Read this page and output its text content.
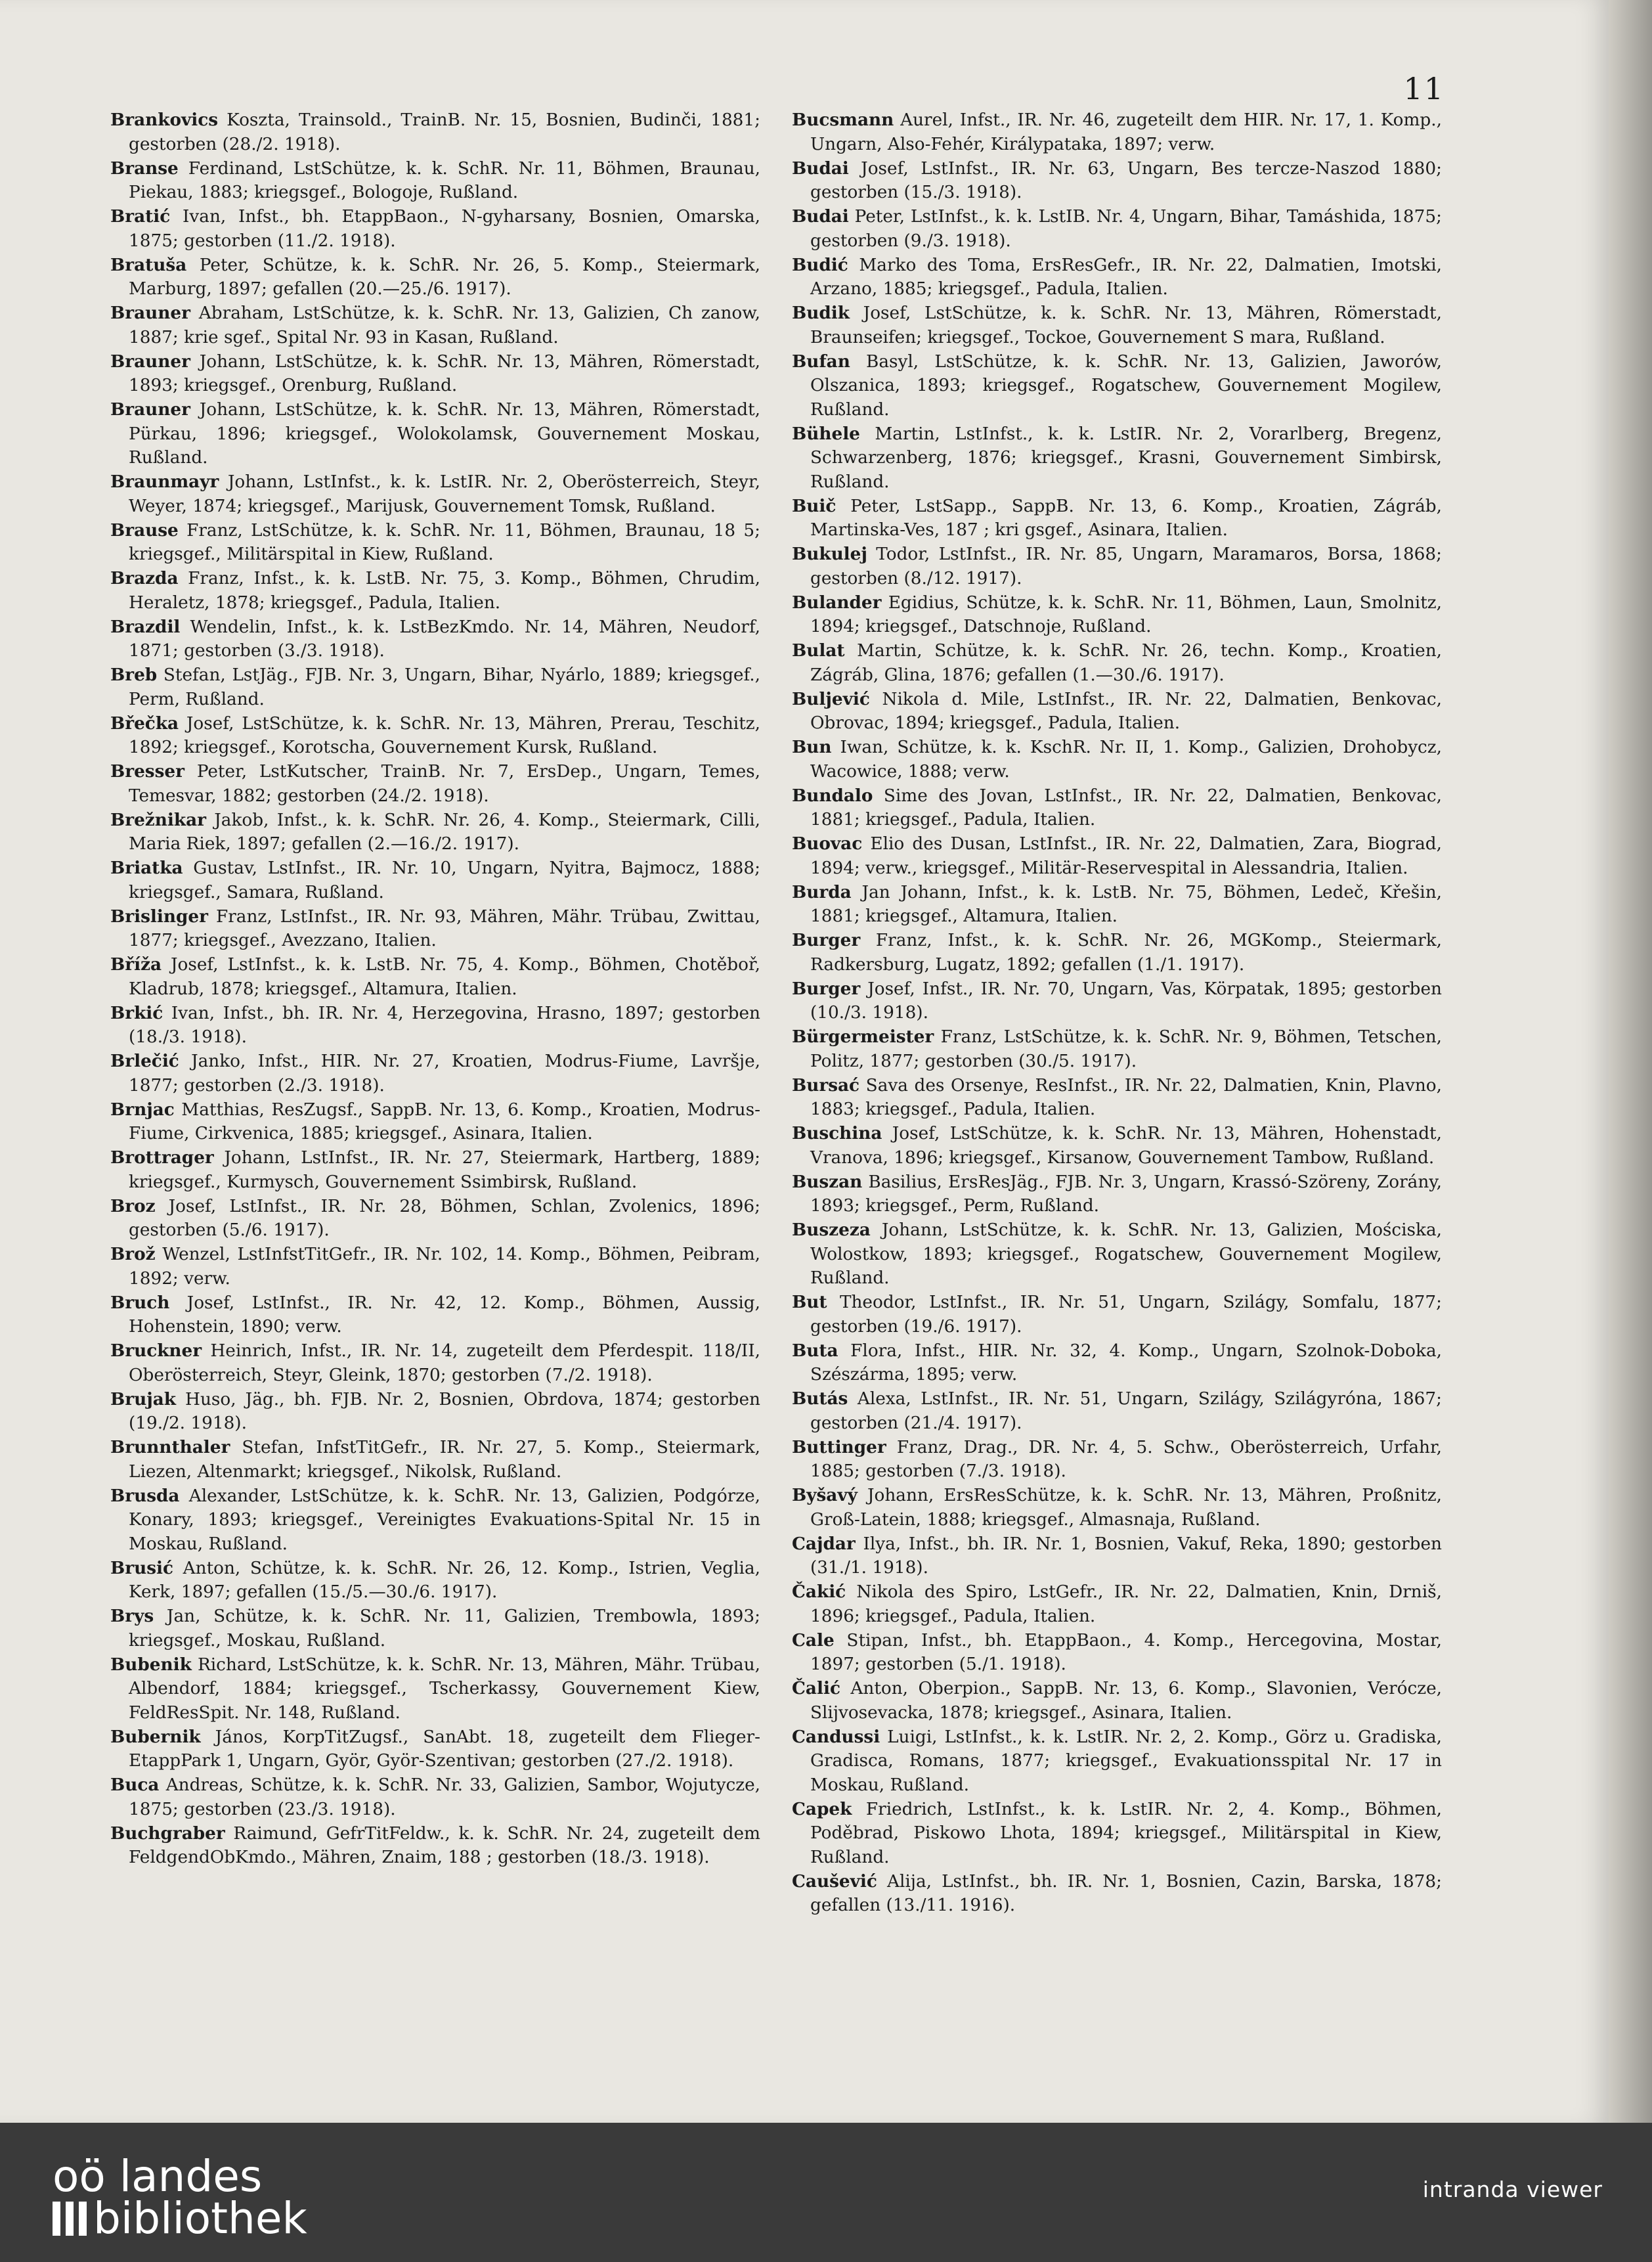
11

Brankovics Koszta, Trainsold., TrainB. Nr. 15, Bosnien, Budinči, 1881; gestorben (28./2. 1918).

Branse Ferdinand, LstSchütze, k. k. SchR. Nr. 11, Böhmen, Braunau, Piekau, 1883; kriegsgef., Bologoje, Rußland.

Bratić Ivan, Infst., bh. EtappBaon., N-gyharsany, Bosnien, Omarska, 1875; gestorben (11./2. 1918).

Bratuša Peter, Schütze, k. k. SchR. Nr. 26, 5. Komp., Steiermark, Marburg, 1897; gefallen (20.—25./6. 1917).

Brauner Abraham, LstSchütze, k. k. SchR. Nr. 13, Galizien, Ch zanow, 1887; krie sgef., Spital Nr. 93 in Kasan, Rußland.

Brauner Johann, LstSchütze, k. k. SchR. Nr. 13, Mähren, Römerstadt, 1893; kriegsgef., Orenburg, Rußland.

Brauner Johann, LstSchütze, k. k. SchR. Nr. 13, Mähren, Römerstadt, Pürkau, 1896; kriegsgef., Wolokolamsk, Gouvernement Moskau, Rußland.

Braunmayr Johann, LstInfst., k. k. LstIR. Nr. 2, Oberösterreich, Steyr, Weyer, 1874; kriegsgef., Marijusk, Gouvernement Tomsk, Rußland.

Brause Franz, LstSchütze, k. k. SchR. Nr. 11, Böhmen, Braunau, 18 5; kriegsgef., Militärspital in Kiew, Rußland.

Brazda Franz, Infst., k. k. LstB. Nr. 75, 3. Komp., Böhmen, Chrudim, Heraletz, 1878; kriegsgef., Padula, Italien.

Brazdil Wendelin, Infst., k. k. LstBezKmdo. Nr. 14, Mähren, Neudorf, 1871; gestorben (3./3. 1918).

Breb Stefan, LstJäg., FJB. Nr. 3, Ungarn, Bihar, Nyárlo, 1889; kriegsgef., Perm, Rußland.

Břečka Josef, LstSchütze, k. k. SchR. Nr. 13, Mähren, Prerau, Teschitz, 1892; kriegsgef., Korotscha, Gouvernement Kursk, Rußland.

Bresser Peter, LstKutscher, TrainB. Nr. 7, ErsDep., Ungarn, Temes, Temesvar, 1882; gestorben (24./2. 1918).

Brežnikar Jakob, Infst., k. k. SchR. Nr. 26, 4. Komp., Steiermark, Cilli, Maria Riek, 1897; gefallen (2.—16./2. 1917).

Briatka Gustav, LstInfst., IR. Nr. 10, Ungarn, Nyitra, Bajmocz, 1888; kriegsgef., Samara, Rußland.

Brislinger Franz, LstInfst., IR. Nr. 93, Mähren, Mähr. Trübau, Zwittau, 1877; kriegsgef., Avezzano, Italien.

Bříža Josef, LstInfst., k. k. LstB. Nr. 75, 4. Komp., Böhmen, Chotěboř, Kladrub, 1878; kriegsgef., Altamura, Italien.

Brkić Ivan, Infst., bh. IR. Nr. 4, Herzegovina, Hrasno, 1897; gestorben (18./3. 1918).

Brlečić Janko, Infst., HIR. Nr. 27, Kroatien, Modrus-Fiume, Lavršje, 1877; gestorben (2./3. 1918).

Brnjac Matthias, ResZugsf., SappB. Nr. 13, 6. Komp., Kroatien, Modrus-Fiume, Cirkvenica, 1885; kriegsgef., Asinara, Italien.

Brottrager Johann, LstInfst., IR. Nr. 27, Steiermark, Hartberg, 1889; kriegsgef., Kurmysch, Gouvernement Ssimbirsk, Rußland.

Broz Josef, LstInfst., IR. Nr. 28, Böhmen, Schlan, Zvolenics, 1896; gestorben (5./6. 1917).

Brož Wenzel, LstInfstTitGefr., IR. Nr. 102, 14. Komp., Böhmen, Peibram, 1892; verw.

Bruch Josef, LstInfst., IR. Nr. 42, 12. Komp., Böhmen, Aussig, Hohenstein, 1890; verw.

Bruckner Heinrich, Infst., IR. Nr. 14, zugeteilt dem Pferdespit. 118/II, Oberösterreich, Steyr, Gleink, 1870; gestorben (7./2. 1918).

Brujak Huso, Jäg., bh. FJB. Nr. 2, Bosnien, Obrdova, 1874; gestorben (19./2. 1918).

Brunnthaler Stefan, InfstTitGefr., IR. Nr. 27, 5. Komp., Steiermark, Liezen, Altenmarkt; kriegsgef., Nikolsk, Rußland.

Brusda Alexander, LstSchütze, k. k. SchR. Nr. 13, Galizien, Podgórze, Konary, 1893; kriegsgef., Vereinigtes Evakuations-Spital Nr. 15 in Moskau, Rußland.

Brusić Anton, Schütze, k. k. SchR. Nr. 26, 12. Komp., Istrien, Veglia, Kerk, 1897; gefallen (15./5.—30./6. 1917).

Brys Jan, Schütze, k. k. SchR. Nr. 11, Galizien, Trembowla, 1893; kriegsgef., Moskau, Rußland.

Bubenik Richard, LstSchütze, k. k. SchR. Nr. 13, Mähren, Mähr. Trübau, Albendorf, 1884; kriegsgef., Tscherkassy, Gouvernement Kiew, FeldResSpit. Nr. 148, Rußland.

Bubernik János, KorpTitZugsf., SanAbt. 18, zugeteilt dem Flieger-EtappPark 1, Ungarn, Györ, Györ-Szentivan; gestorben (27./2. 1918).

Buca Andreas, Schütze, k. k. SchR. Nr. 33, Galizien, Sambor, Wojutycze, 1875; gestorben (23./3. 1918).

Buchgraber Raimund, GefrTitFeldw., k. k. SchR. Nr. 24, zugeteilt dem FeldgendObKmdo., Mähren, Znaim, 188 ; gestorben (18./3. 1918).

Bucsmann Aurel, Infst., IR. Nr. 46, zugeteilt dem HIR. Nr. 17, 1. Komp., Ungarn, Also-Fehér, Királypataka, 1897; verw.

Budai Josef, LstInfst., IR. Nr. 63, Ungarn, Bes tercze-Naszod 1880; gestorben (15./3. 1918).

Budai Peter, LstInfst., k. k. LstIB. Nr. 4, Ungarn, Bihar, Tamáshida, 1875; gestorben (9./3. 1918).

Budić Marko des Toma, ErsResGefr., IR. Nr. 22, Dalmatien, Imotski, Arzano, 1885; kriegsgef., Padula, Italien.

Budik Josef, LstSchütze, k. k. SchR. Nr. 13, Mähren, Römerstadt, Braunseifen; kriegsgef., Tockoe, Gouvernement S mara, Rußland.

Bufan Basyl, LstSchütze, k. k. SchR. Nr. 13, Galizien, Jaworów, Olszanica, 1893; kriegsgef., Rogatschew, Gouvernement Mogilew, Rußland.

Bühele Martin, LstInfst., k. k. LstIR. Nr. 2, Vorarlberg, Bregenz, Schwarzenberg, 1876; kriegsgef., Krasni, Gouvernement Simbirsk, Rußland.

Buič Peter, LstSapp., SappB. Nr. 13, 6. Komp., Kroatien, Zágráb, Martinska-Ves, 187 ; kri gsgef., Asinara, Italien.

Bukulej Todor, LstInfst., IR. Nr. 85, Ungarn, Maramaros, Borsa, 1868; gestorben (8./12. 1917).

Bulander Egidius, Schütze, k. k. SchR. Nr. 11, Böhmen, Laun, Smolnitz, 1894; kriegsgef., Datschnoje, Rußland.

Bulat Martin, Schütze, k. k. SchR. Nr. 26, techn. Komp., Kroatien, Zágráb, Glina, 1876; gefallen (1.—30./6. 1917).

Buljević Nikola d. Mile, LstInfst., IR. Nr. 22, Dalmatien, Benkovac, Obrovac, 1894; kriegsgef., Padula, Italien.

Bun Iwan, Schütze, k. k. KschR. Nr. II, 1. Komp., Galizien, Drohobycz, Wacowice, 1888; verw.

Bundalo Sime des Jovan, LstInfst., IR. Nr. 22, Dalmatien, Benkovac, 1881; kriegsgef., Padula, Italien.

Buovac Elio des Dusan, LstInfst., IR. Nr. 22, Dalmatien, Zara, Biograd, 1894; verw., kriegsgef., Militär-Reservespital in Alessandria, Italien.

Burda Jan Johann, Infst., k. k. LstB. Nr. 75, Böhmen, Ledeč, Křešin, 1881; kriegsgef., Altamura, Italien.

Burger Franz, Infst., k. k. SchR. Nr. 26, MGKomp., Steiermark, Radkersburg, Lugatz, 1892; gefallen (1./1. 1917).

Burger Josef, Infst., IR. Nr. 70, Ungarn, Vas, Körpatak, 1895; gestorben (10./3. 1918).

Bürgermeister Franz, LstSchütze, k. k. SchR. Nr. 9, Böhmen, Tetschen, Politz, 1877; gestorben (30./5. 1917).

Bursać Sava des Orsenye, ResInfst., IR. Nr. 22, Dalmatien, Knin, Plavno, 1883; kriegsgef., Padula, Italien.

Buschina Josef, LstSchütze, k. k. SchR. Nr. 13, Mähren, Hohenstadt, Vranova, 1896; kriegsgef., Kirsanow, Gouvernement Tambow, Rußland.

Buszan Basilius, ErsResJäg., FJB. Nr. 3, Ungarn, Krassó-Szöreny, Zorány, 1893; kriegsgef., Perm, Rußland.

Buszeza Johann, LstSchütze, k. k. SchR. Nr. 13, Galizien, Mościska, Wolostkow, 1893; kriegsgef., Rogatschew, Gouvernement Mogilew, Rußland.

But Theodor, LstInfst., IR. Nr. 51, Ungarn, Szilágy, Somfalu, 1877; gestorben (19./6. 1917).

Buta Flora, Infst., HIR. Nr. 32, 4. Komp., Ungarn, Szolnok-Doboka, Szészárma, 1895; verw.

Butás Alexa, LstInfst., IR. Nr. 51, Ungarn, Szilágy, Szilágyróna, 1867; gestorben (21./4. 1917).

Buttinger Franz, Drag., DR. Nr. 4, 5. Schw., Oberösterreich, Urfahr, 1885; gestorben (7./3. 1918).

Byšavý Johann, ErsResSchütze, k. k. SchR. Nr. 13, Mähren, Proßnitz, Groß-Latein, 1888; kriegsgef., Almasnaja, Rußland.

Cajdar Ilya, Infst., bh. IR. Nr. 1, Bosnien, Vakuf, Reka, 1890; gestorben (31./1. 1918).

Čakić Nikola des Spiro, LstGefr., IR. Nr. 22, Dalmatien, Knin, Drniš, 1896; kriegsgef., Padula, Italien.

Cale Stipan, Infst., bh. EtappBaon., 4. Komp., Hercegovina, Mostar, 1897; gestorben (5./1. 1918).

Čalić Anton, Oberpion., SappB. Nr. 13, 6. Komp., Slavonien, Verócze, Slijvosevacka, 1878; kriegsgef., Asinara, Italien.

Candussi Luigi, LstInfst., k. k. LstIR. Nr. 2, 2. Komp., Görz u. Gradiska, Gradisca, Romans, 1877; kriegsgef., Evakuationsspital Nr. 17 in Moskau, Rußland.

Capek Friedrich, LstInfst., k. k. LstIR. Nr. 2, 4. Komp., Böhmen, Poděbrad, Piskowo Lhota, 1894; kriegsgef., Militärspital in Kiew, Rußland.

Caušević Alija, LstInfst., bh. IR. Nr. 1, Bosnien, Cazin, Barska, 1878; gefallen (13./11. 1916).

oö landes
bibliothek
intranda viewer
